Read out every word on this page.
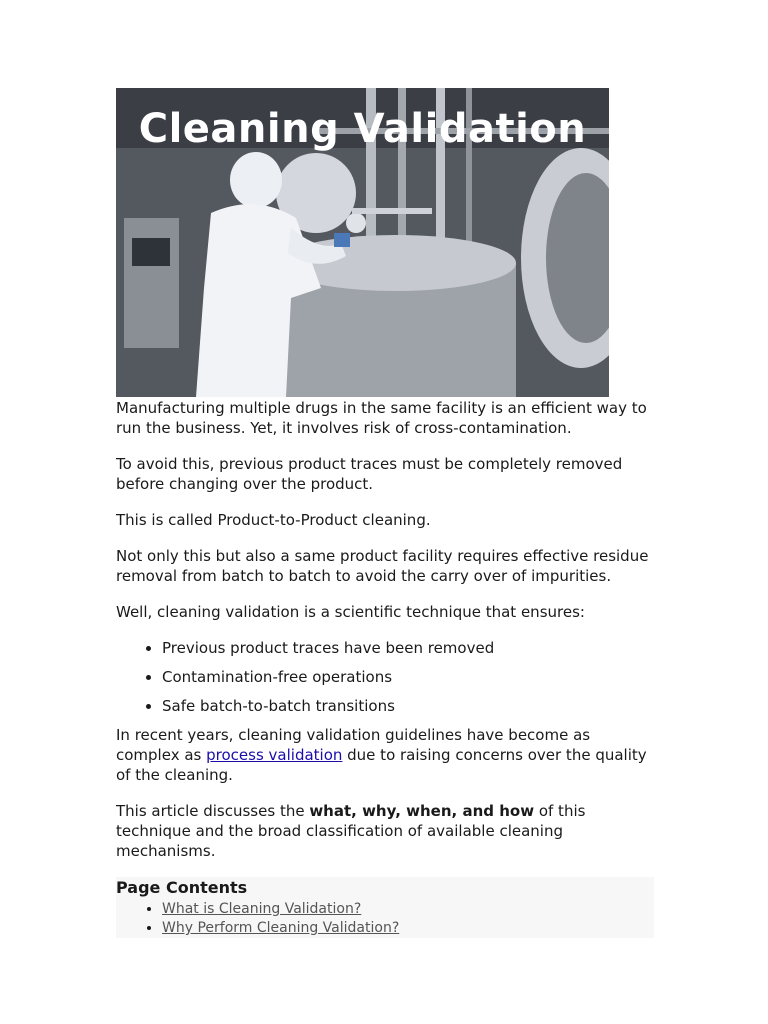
Cleaning Validation

Manufacturing multiple drugs in the same facility is an efficient way to run the business. Yet, it involves risk of cross-contamination.

To avoid this, previous product traces must be completely removed before changing over the product.

This is called Product-to-Product cleaning.

Not only this but also a same product facility requires effective residue removal from batch to batch to avoid the carry over of impurities.

Well, cleaning validation is a scientific technique that ensures:

• Previous product traces have been removed
• Contamination-free operations
• Safe batch-to-batch transitions

In recent years, cleaning validation guidelines have become as complex as process validation due to raising concerns over the quality of the cleaning.

This article discusses the what, why, when, and how of this technique and the broad classification of available cleaning mechanisms.

Page Contents
• What is Cleaning Validation?
• Why Perform Cleaning Validation?
